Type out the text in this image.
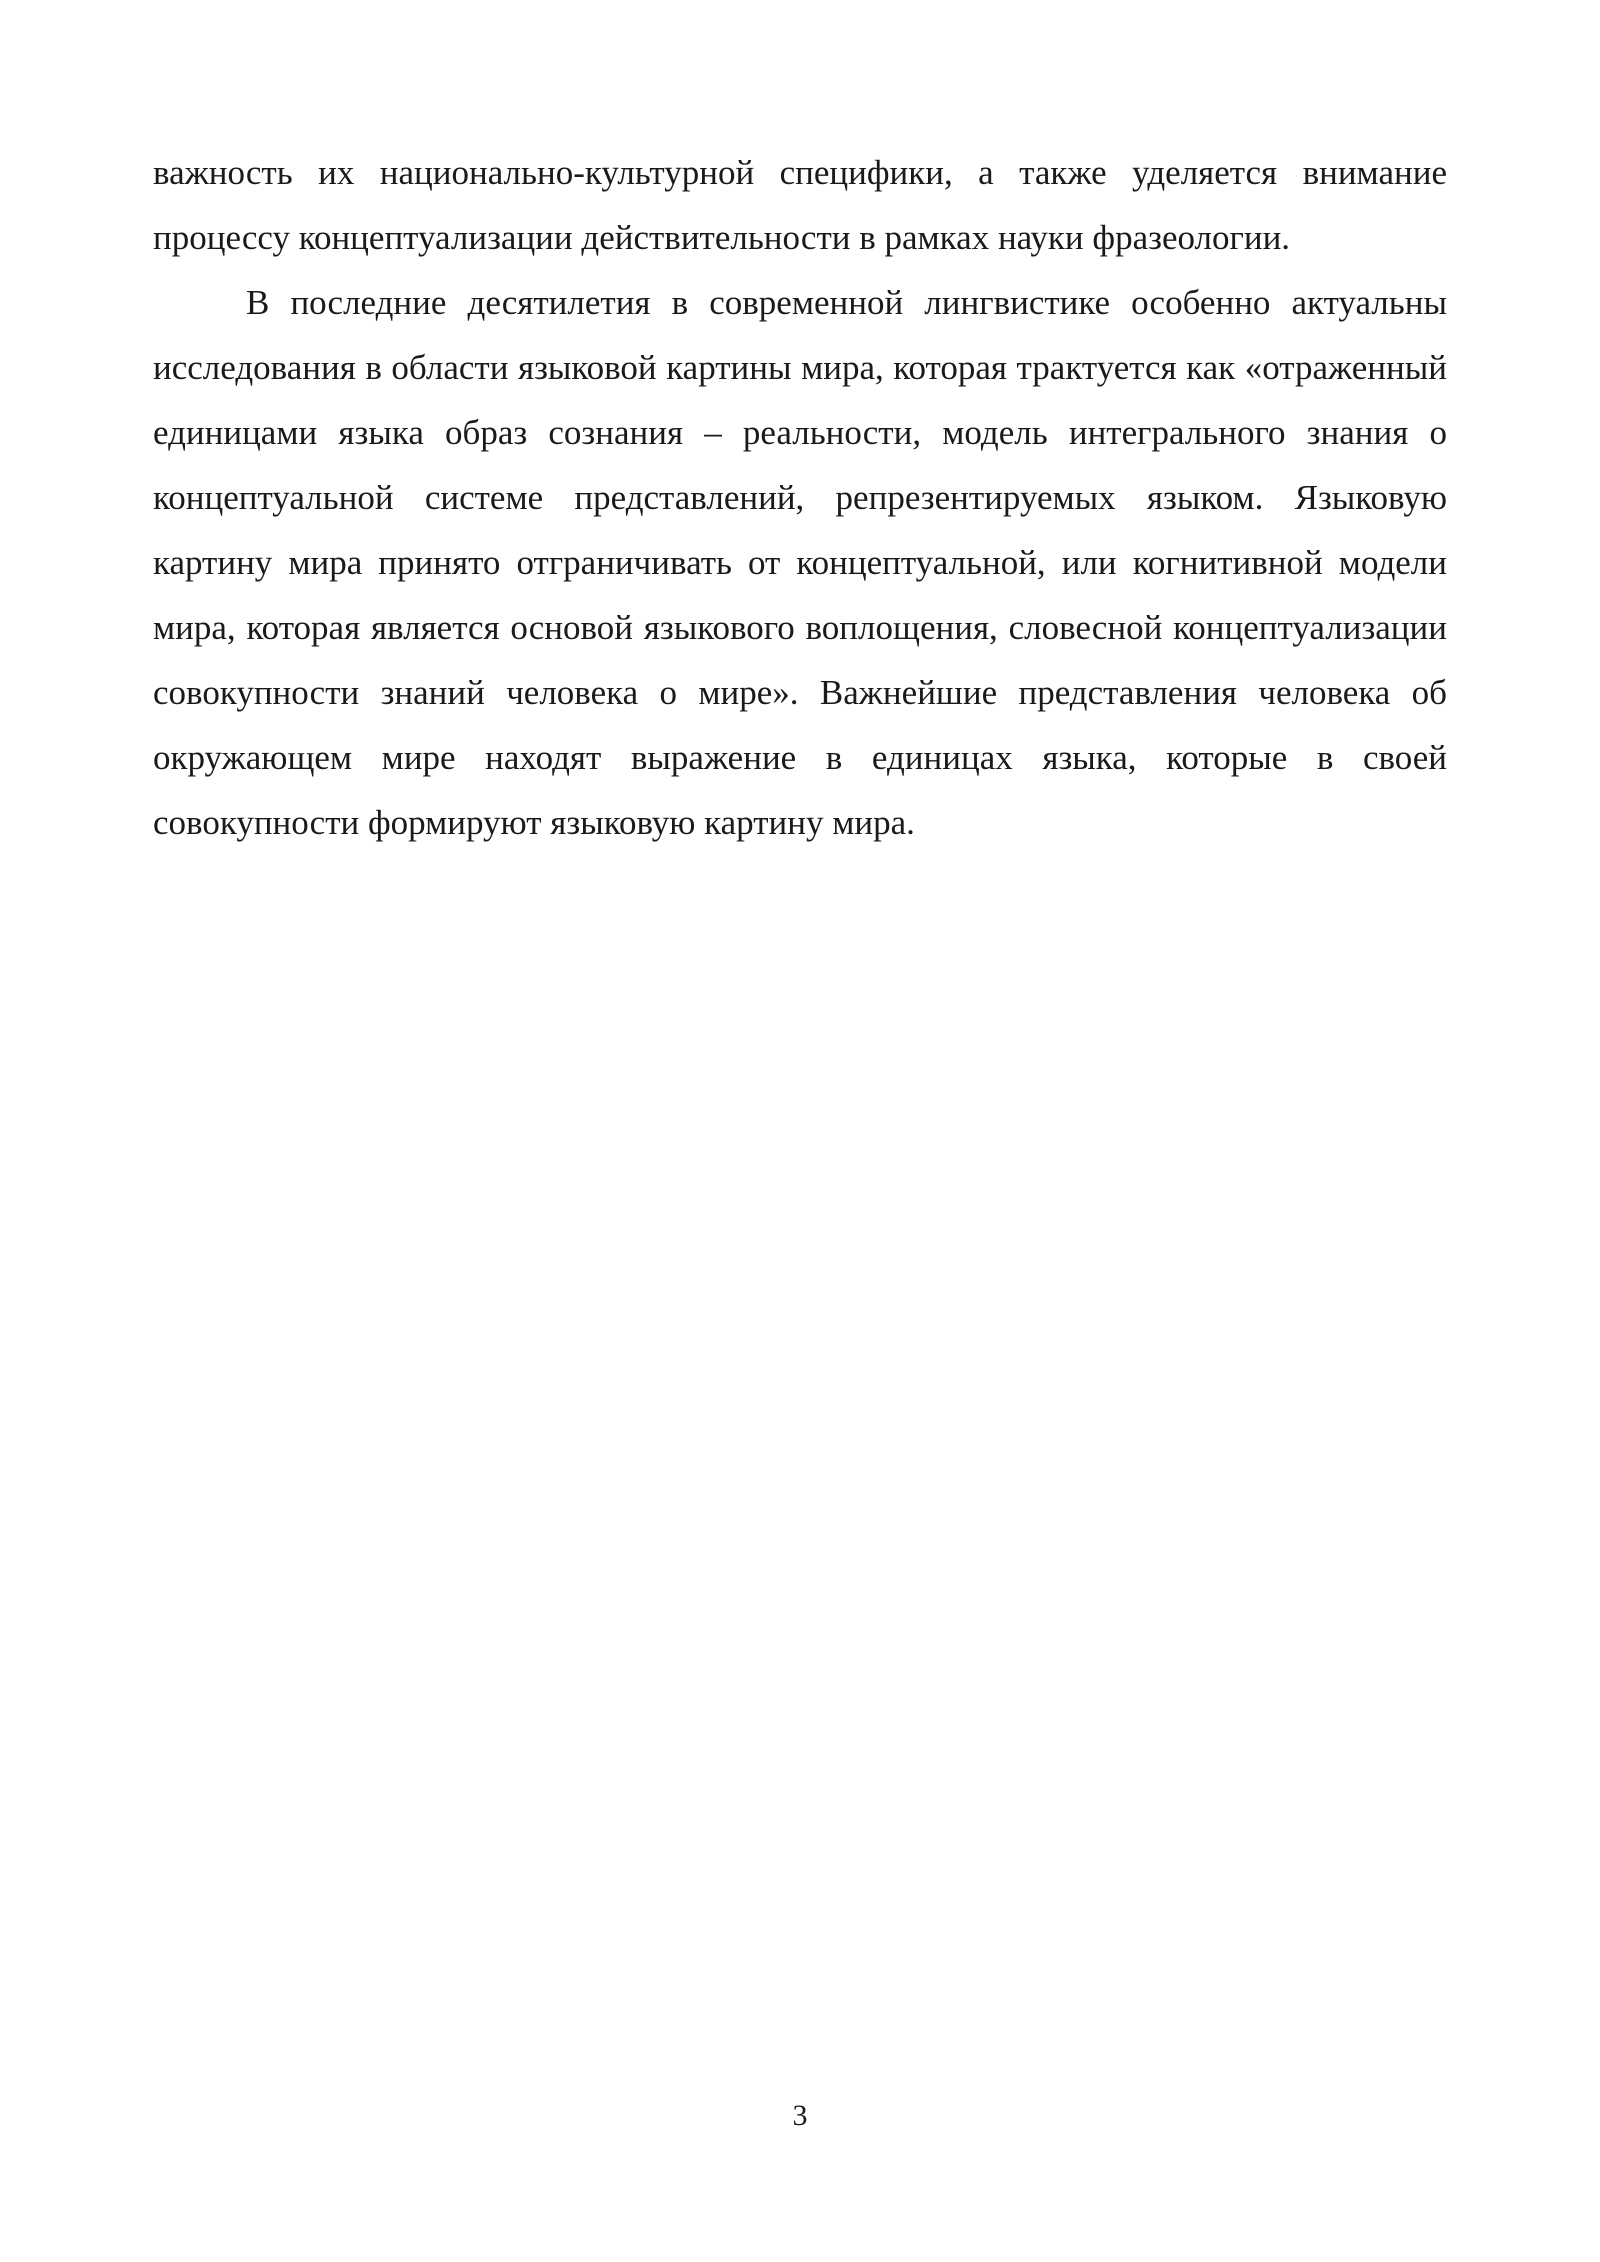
важность их национально-культурной специфики, а также уделяется внимание процессу концептуализации действительности в рамках науки фразеологии.

В последние десятилетия в современной лингвистике особенно актуальны исследования в области языковой картины мира, которая трактуется как «отраженный единицами языка образ сознания – реальности, модель интегрального знания о концептуальной системе представлений, репрезентируемых языком. Языковую картину мира принято отграничивать от концептуальной, или когнитивной модели мира, которая является основой языкового воплощения, словесной концептуализации совокупности знаний человека о мире». Важнейшие представления человека об окружающем мире находят выражение в единицах языка, которые в своей совокупности формируют языковую картину мира.

3
